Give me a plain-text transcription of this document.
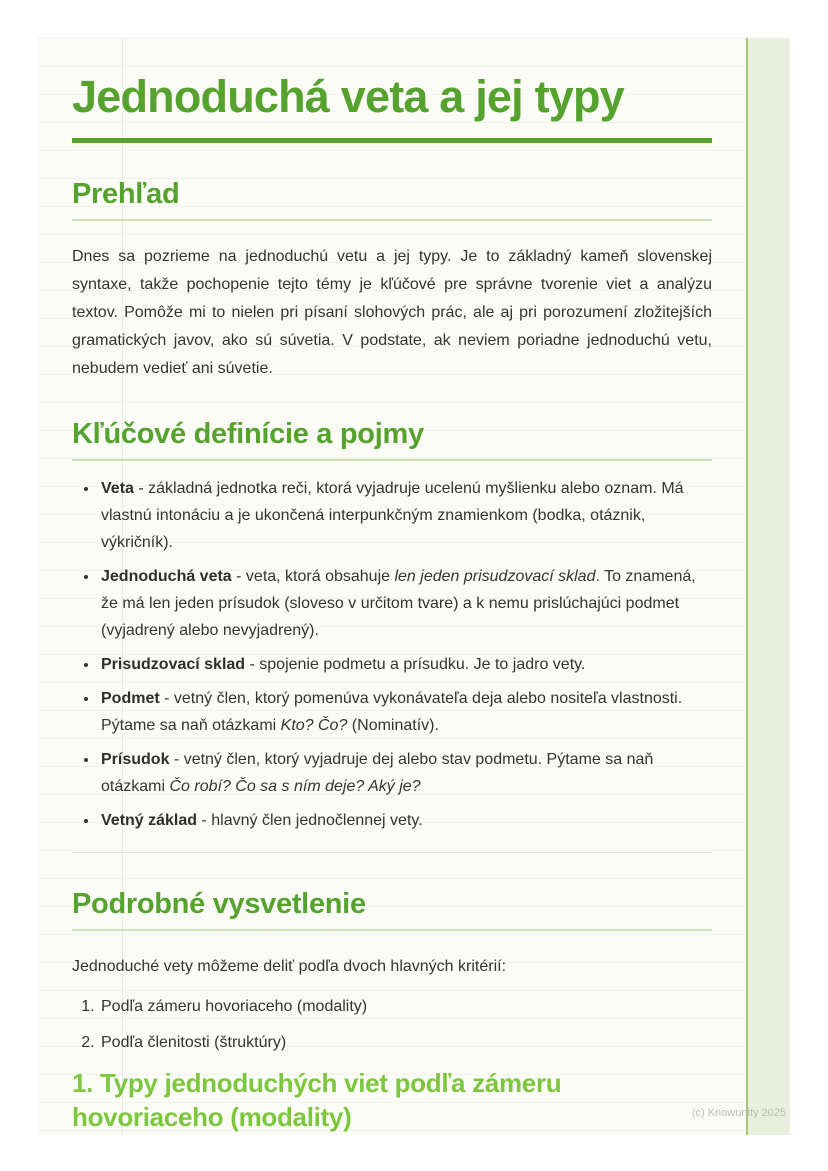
Jednoduchá veta a jej typy
Prehľad

Dnes sa pozrieme na jednoduchú vetu a jej typy. Je to základný kameň slovenskej syntaxe, takže pochopenie tejto témy je kľúčové pre správne tvorenie viet a analýzu textov. Pomôže mi to nielen pri písaní slohových prác, ale aj pri porozumení zložitejších gramatických javov, ako sú súvetia. V podstate, ak neviem poriadne jednoduchú vetu, nebudem vedieť ani súvetie.

Kľúčové definície a pojmy
• Veta - základná jednotka reči, ktorá vyjadruje ucelenú myšlienku alebo oznam. Má vlastnú intonáciu a je ukončená interpunkčným znamienkom (bodka, otáznik, výkričník).
• Jednoduchá veta - veta, ktorá obsahuje len jeden prisudzovací sklad. To znamená, že má len jeden prísudok (sloveso v určitom tvare) a k nemu prislúchajúci podmet (vyjadrený alebo nevyjadrený).
• Prisudzovací sklad - spojenie podmetu a prísudku. Je to jadro vety.
• Podmet - vetný člen, ktorý pomenúva vykonávateľa deja alebo nositeľa vlastnosti. Pýtame sa naň otázkami Kto? Čo? (Nominatív).
• Prísudok - vetný člen, ktorý vyjadruje dej alebo stav podmetu. Pýtame sa naň otázkami Čo robí? Čo sa s ním deje? Aký je?
• Vetný základ - hlavný člen jednočlennej vety.
Podrobné vysvetlenie

Jednoduché vety môžeme deliť podľa dvoch hlavných kritérií:

1. Podľa zámeru hovoriaceho (modality)
2. Podľa členitosti (štruktúry)
1. Typy jednoduchých viet podľa zámeru hovoriaceho (modality)	(c) Knowunity 2025
